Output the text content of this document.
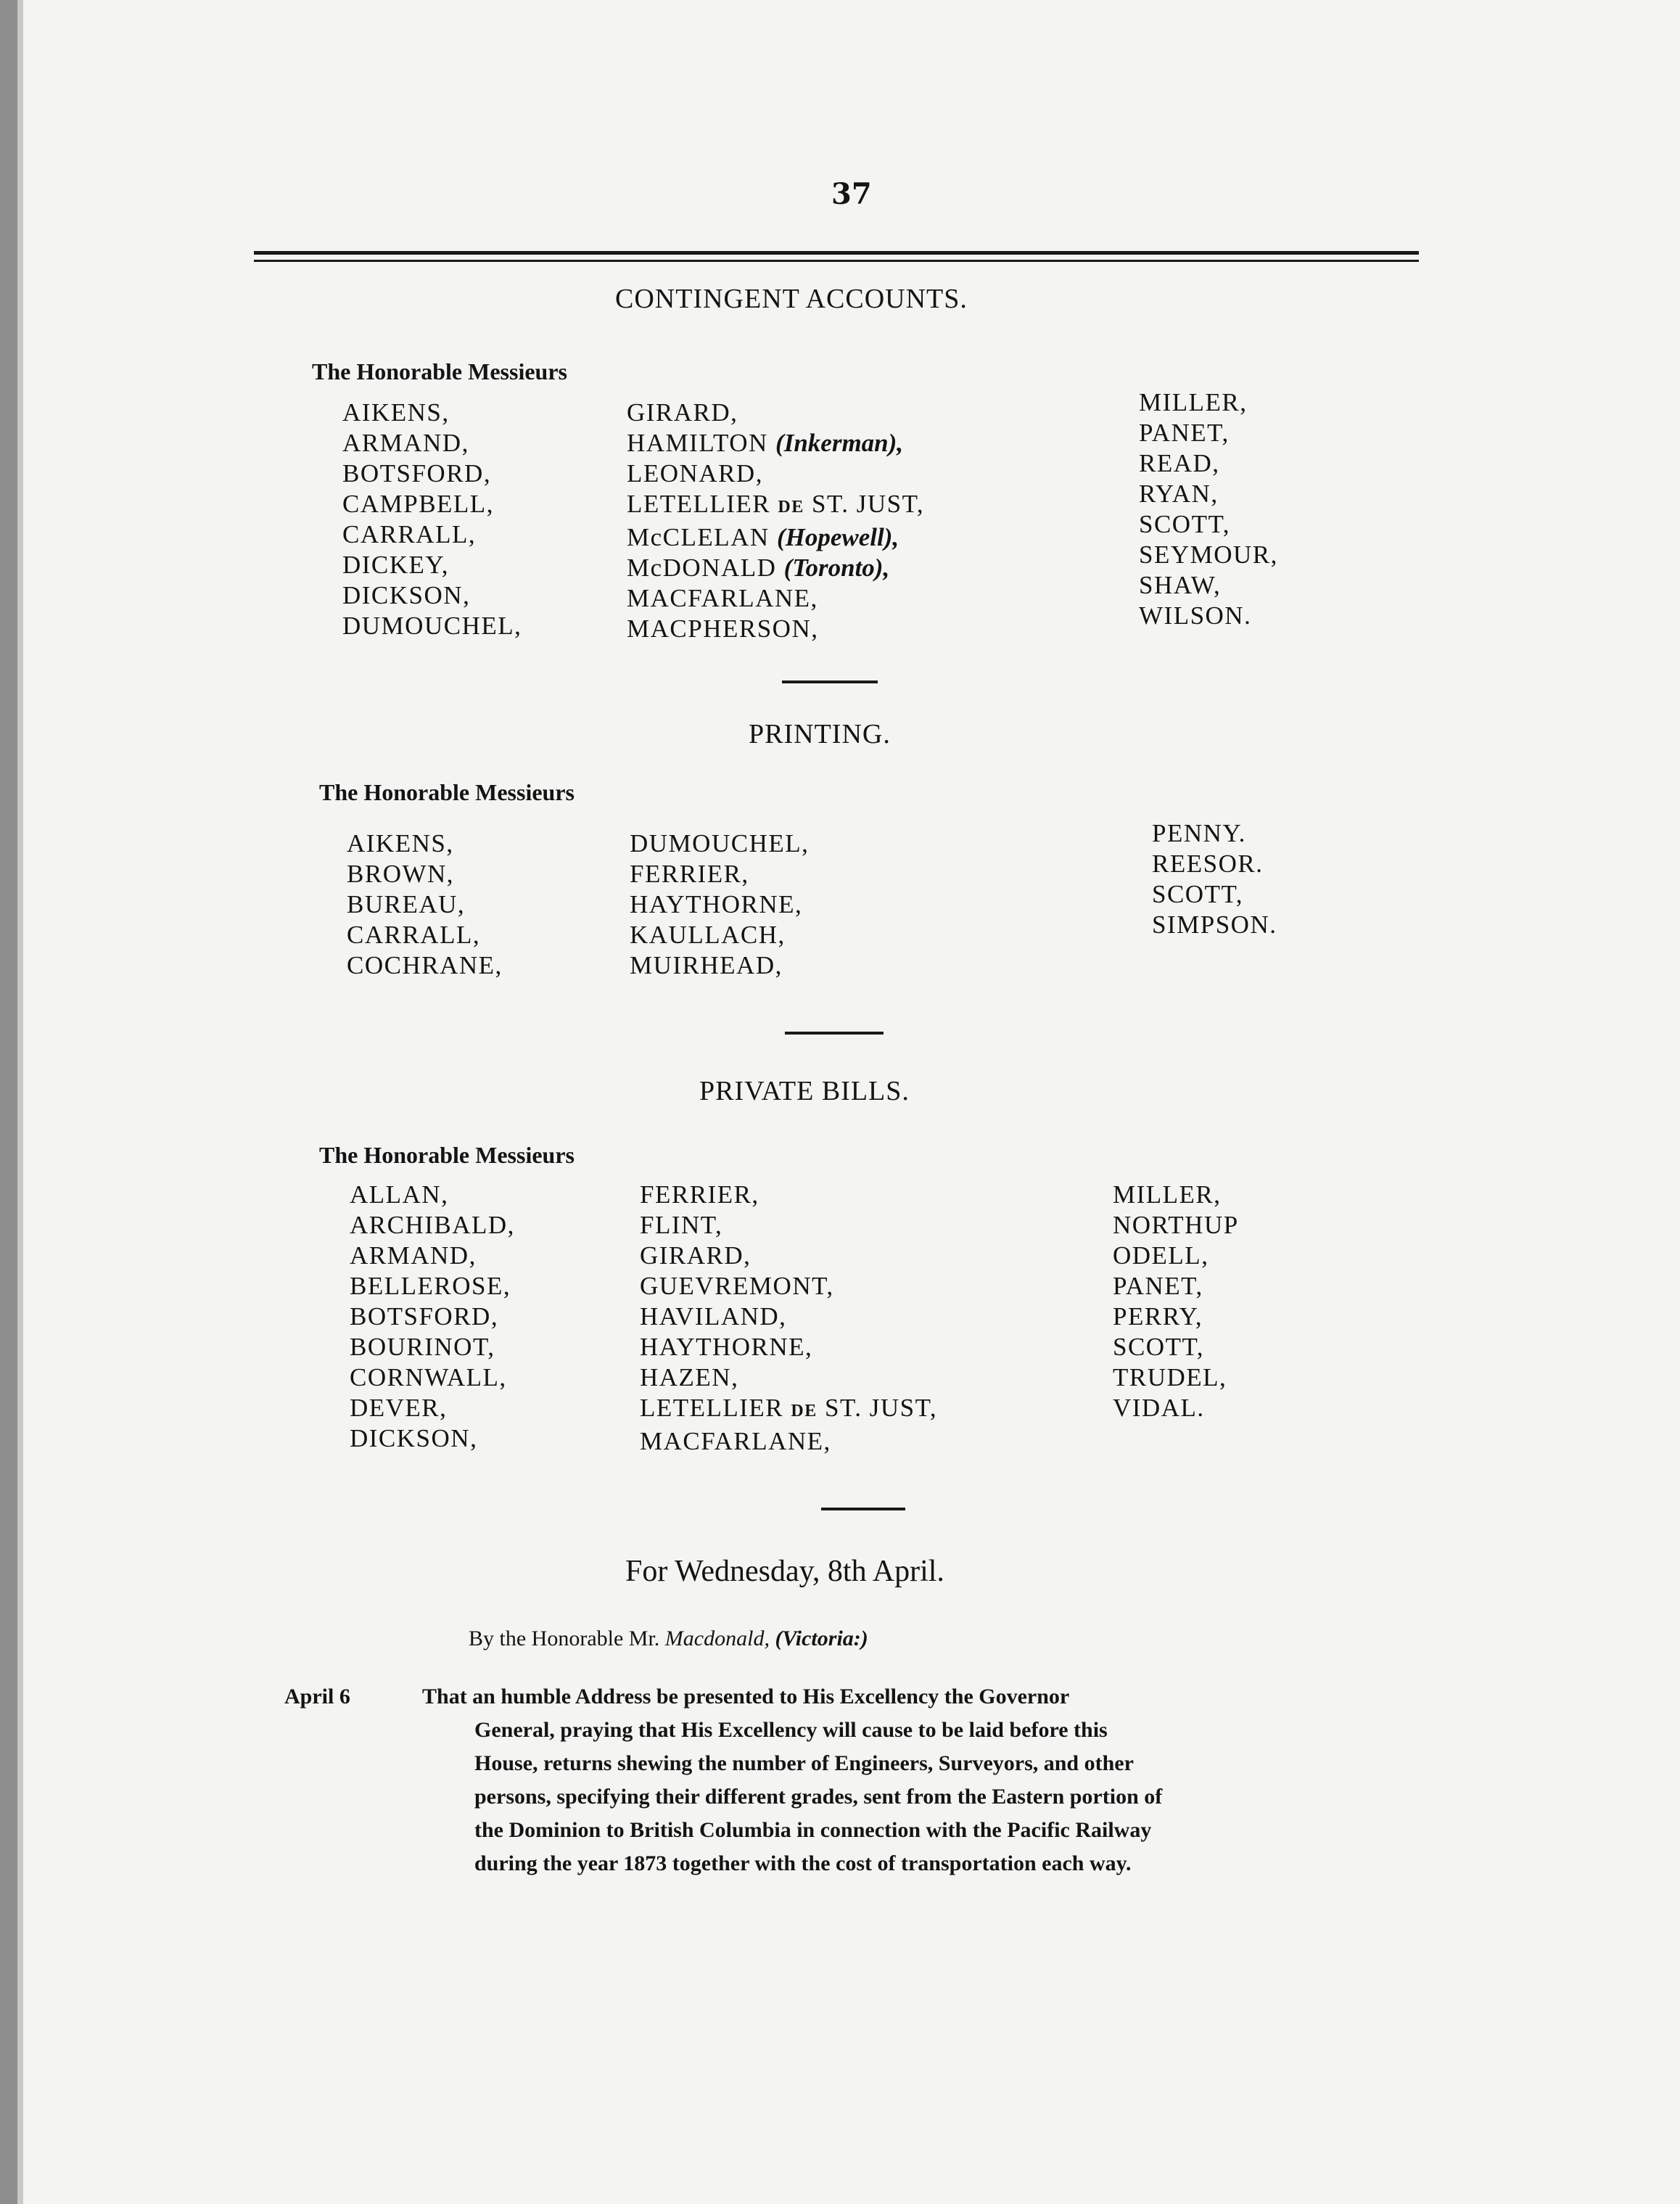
37
CONTINGENT ACCOUNTS.
The Honorable Messieurs
AIKENS,
ARMAND,
BOTSFORD,
CAMPBELL,
CARRALL,
DICKEY,
DICKSON,
DUMOUCHEL,
GIRARD,
HAMILTON (Inkerman),
LEONARD,
LETELLIER DE ST. JUST,
McCLELAN (Hopewell),
McDONALD (Toronto),
MACFARLANE,
MACPHERSON,
MILLER,
PANET,
READ,
RYAN,
SCOTT,
SEYMOUR,
SHAW,
WILSON.
PRINTING.
The Honorable Messieurs
AIKENS,
BROWN,
BUREAU,
CARRALL,
COCHRANE,
DUMOUCHEL,
FERRIER,
HAYTHORNE,
KAULLACH,
MUIRHEAD,
PENNY.
REESOR.
SCOTT,
SIMPSON.
PRIVATE BILLS.
The Honorable Messieurs
ALLAN,
ARCHIBALD,
ARMAND,
BELLEROSE,
BOTSFORD,
BOURINOT,
CORNWALL,
DEVER,
DICKSON,
FERRIER,
FLINT,
GIRARD,
GUEVREMONT,
HAVILAND,
HAYTHORNE,
HAZEN,
LETELLIER DE ST. JUST,
MACFARLANE,
MILLER,
NORTHUP
ODELL,
PANET,
PERRY,
SCOTT,
TRUDEL,
VIDAL.
For Wednesday, 8th April.
By the Honorable Mr. Macdonald, (Victoria:)
April 6	That an humble Address be presented to His Excellency the Governor
General, praying that His Excellency will cause to be laid before this
House, returns shewing the number of Engineers, Surveyors, and other
persons, specifying their different grades, sent from the Eastern portion of
the Dominion to British Columbia in connection with the Pacific Railway
during the year 1873 together with the cost of transportation each way.
